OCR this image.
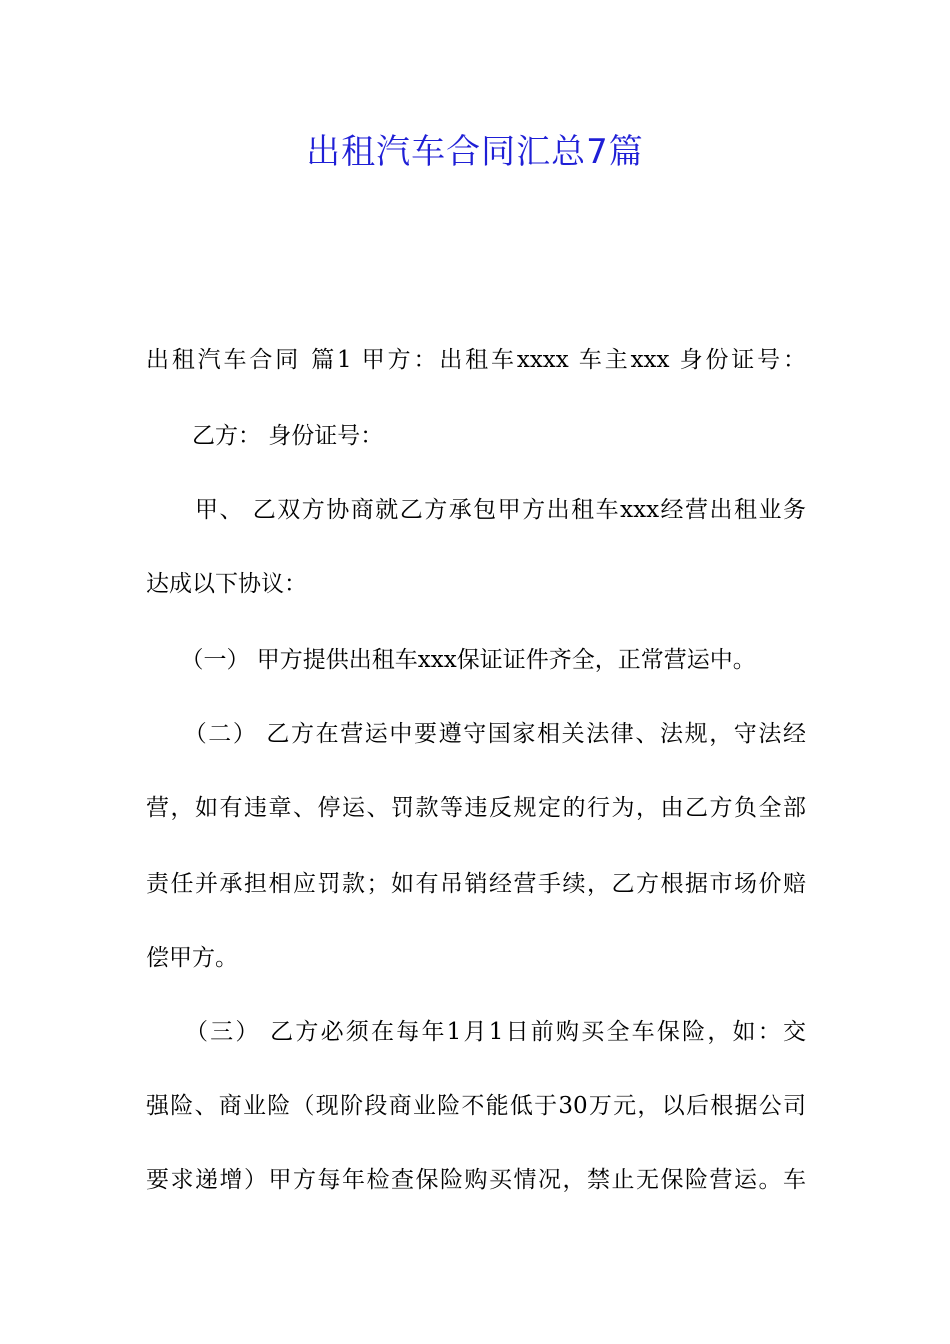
出租汽车合同汇总7篇
出租汽车合同 篇1 甲方：出租车xxxx 车主xxx 身份证号：
　　乙方： 身份证号：
　　甲、 乙双方协商就乙方承包甲方出租车xxx经营出租业务
达成以下协议：
　　（一） 甲方提供出租车xxx保证证件齐全，正常营运中。
　　（二） 乙方在营运中要遵守国家相关法律、法规，守法经
营，如有违章、停运、罚款等违反规定的行为，由乙方负全部
责任并承担相应罚款；如有吊销经营手续，乙方根据市场价赔
偿甲方。
　　（三） 乙方必须在每年1月1日前购买全车保险，如：交
强险、商业险（现阶段商业险不能低于30万元，以后根据公司
要求递增）甲方每年检查保险购买情况，禁止无保险营运。车
